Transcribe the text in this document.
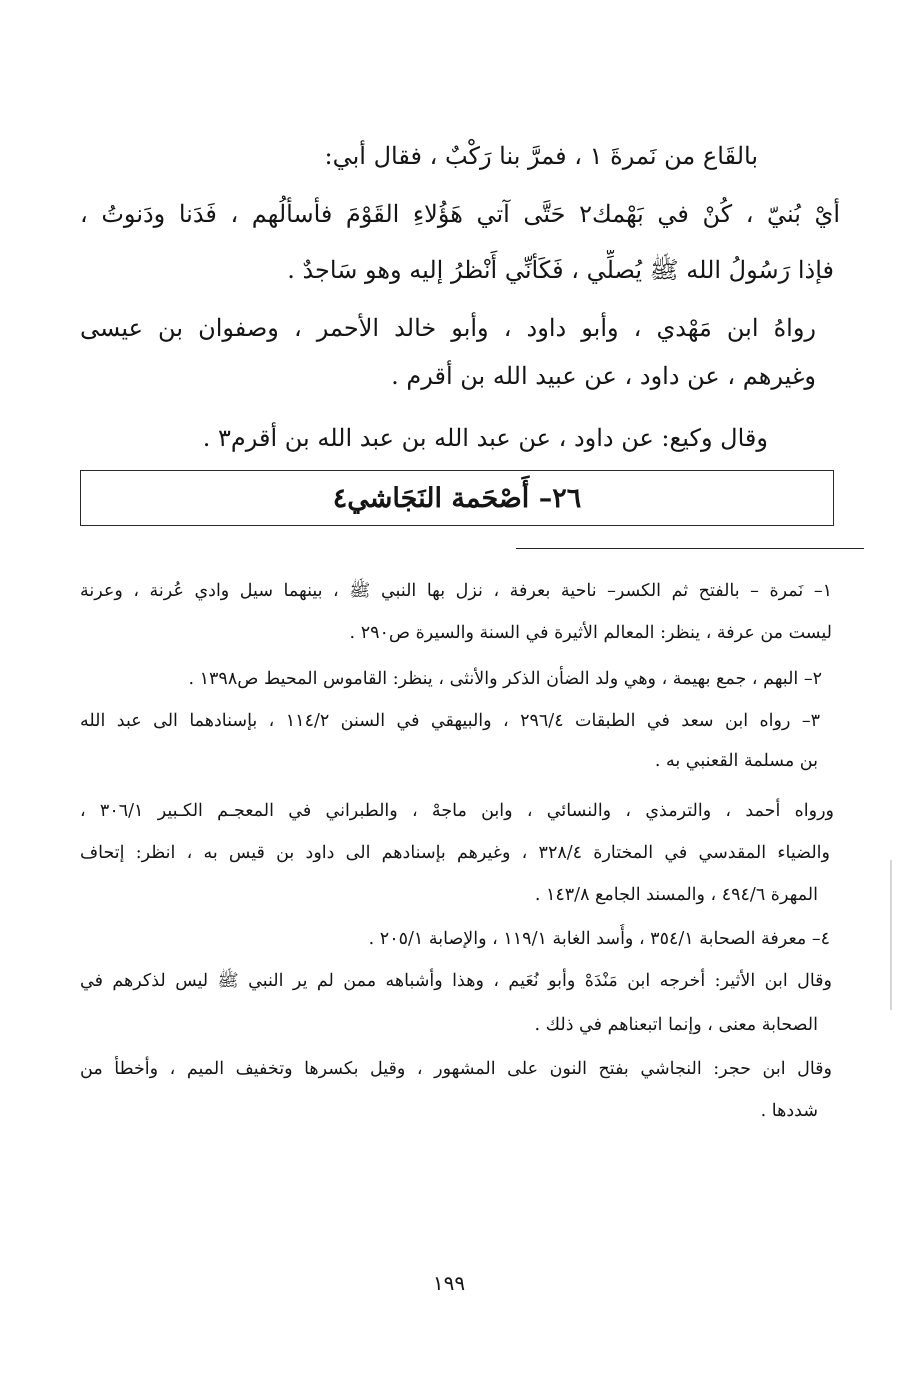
بالقَاع من نَمرةَ ١ ، فمرَّ بنا رَكْبٌ ، فقال أبي:

أيْ بُنيّ ، كُنْ في بَهْمك٢ حَتَّى آتي هَؤُلاءِ القَوْمَ فأسألُهم ، فَدَنا ودَنوتُ ،

فإذا رَسُولُ الله ﷺ يُصلِّي ، فَكَأنِّي أَنْظرُ إليه وهو سَاجدٌ .

رواهُ ابن مَهْدي ، وأبو داود ، وأبو خالد الأحمر ، وصفوان بن عيسى

وغيرهم ، عن داود ، عن عبيد الله بن أقرم .

وقال وكيع: عن داود ، عن عبد الله بن عبد الله بن أقرم٣ .

٢٦– أَصْحَمة النَجَاشي٤

١– نَمرة – بالفتح ثم الكسر– ناحية بعرفة ، نزل بها النبي ﷺ ، بينهما سيل وادي عُرنة ، وعرنة

ليست من عرفة ، ينظر: المعالم الأثيرة في السنة والسيرة ص٢٩٠ .

٢– البهم ، جمع بهيمة ، وهي ولد الضأن الذكر والأنثى ، ينظر: القاموس المحيط ص١٣٩٨ .

٣– رواه ابن سعد في الطبقات ٢٩٦/٤ ، والبيهقي في السنن ١١٤/٢ ، بإسنادهما الى عبد الله

بن مسلمة القعنبي به .

ورواه أحمد ، والترمذي ، والنسائي ، وابن ماجهْ ، والطبراني في المعجـم الكـبير ٣٠٦/١ ،

والضياء المقدسي في المختارة ٣٢٨/٤ ، وغيرهم بإسنادهم الى داود بن قيس به ، انظر: إتحاف

المهرة ٤٩٤/٦ ، والمسند الجامع ١٤٣/٨ .

٤– معرفة الصحابة ٣٥٤/١ ، وأُسد الغابة ١١٩/١ ، والإصابة ٢٠٥/١ .

وقال ابن الأثير: أخرجه ابن مَنْدَهْ وأبو نُعَيم ، وهذا وأشباهه ممن لم ير النبي ﷺ ليس لذكرهم في

الصحابة معنى ، وإنما اتبعناهم في ذلك .

وقال ابن حجر: النجاشي بفتح النون على المشهور ، وقيل بكسرها وتخفيف الميم ، وأخطأ من

شددها .

١٩٩
